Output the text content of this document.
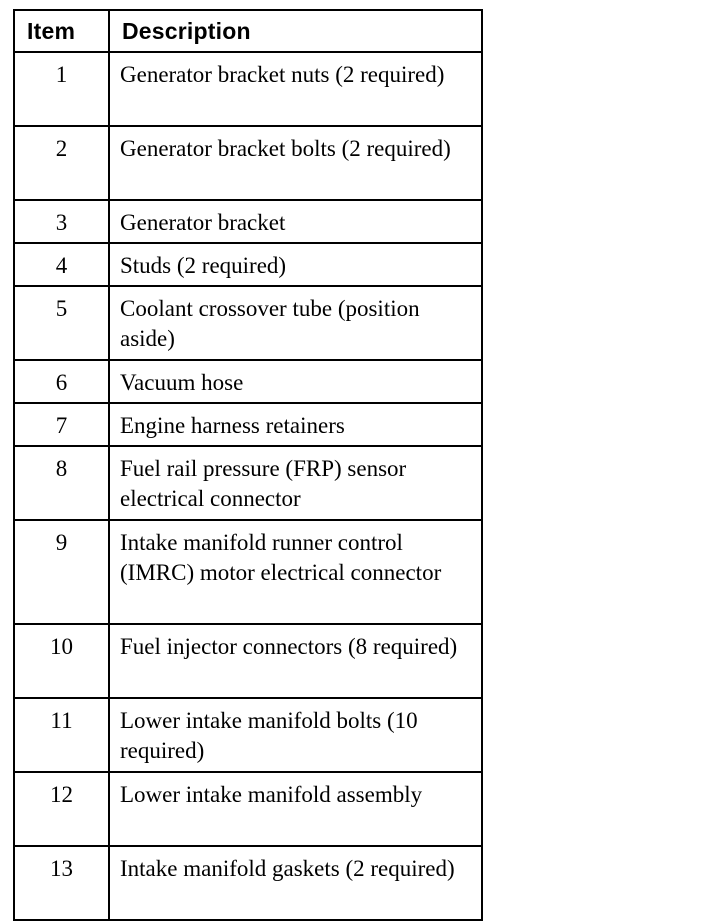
Item	Description
1	Generator bracket nuts (2 required)
2	Generator bracket bolts (2 required)
3	Generator bracket
4	Studs (2 required)
5	Coolant crossover tube (position aside)
6	Vacuum hose
7	Engine harness retainers
8	Fuel rail pressure (FRP) sensor electrical connector
9	Intake manifold runner control (IMRC) motor electrical connector
10	Fuel injector connectors (8 required)
11	Lower intake manifold bolts (10 required)
12	Lower intake manifold assembly
13	Intake manifold gaskets (2 required)
